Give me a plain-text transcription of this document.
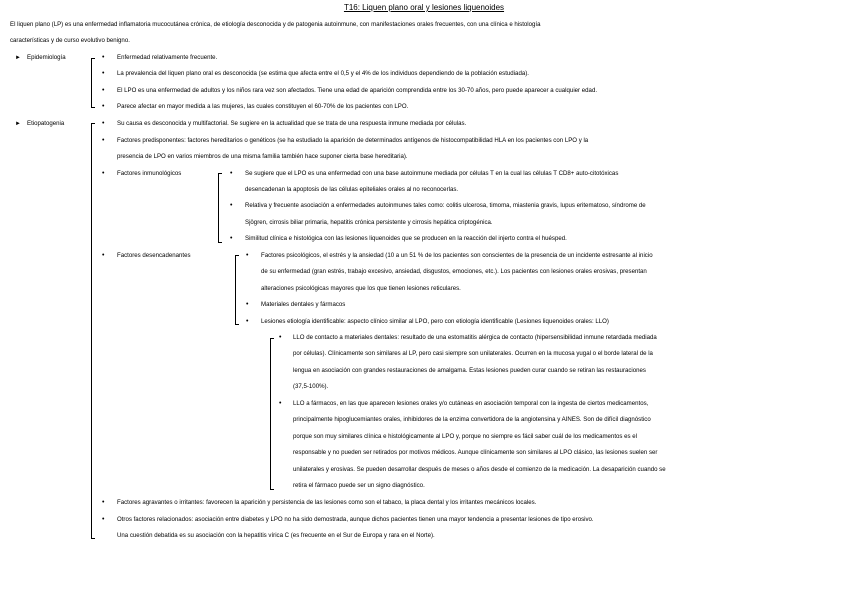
T16: Liquen plano oral y lesiones liquenoides
El liquen plano (LP) es una enfermedad inflamatoria mucocutánea crónica, de etiología desconocida y de patogenia autoinmune, con manifestaciones orales frecuentes, con una clínica e histología
características y de curso evolutivo benigno.
► Epidemiología	• Enfermedad relativamente frecuente.
• La prevalencia del liquen plano oral es desconocida (se estima que afecta entre el 0,5 y el 4% de los individuos dependiendo de la población estudiada).
• El LPO es una enfermedad de adultos y los niños rara vez son afectados. Tiene una edad de aparición comprendida entre los 30-70 años, pero puede aparecer a cualquier edad.
• Parece afectar en mayor medida a las mujeres, las cuales constituyen el 60-70% de los pacientes con LPO.
► Etiopatogenia	• Su causa es desconocida y multifactorial. Se sugiere en la actualidad que se trata de una respuesta inmune mediada por células.
• Factores predisponentes: factores hereditarios o genéticos (se ha estudiado la aparición de determinados antígenos de histocompatibilidad HLA en los pacientes con LPO y la
presencia de LPO en varios miembros de una misma familia también hace suponer cierta base hereditaria).
• Factores inmunológicos	• Se sugiere que el LPO es una enfermedad con una base autoinmune mediada por células T en la cual las células T CD8+ auto-citotóxicas
desencadenan la apoptosis de las células epiteliales orales al no reconocerlas.
• Relativa y frecuente asociación a enfermedades autoinmunes tales como: colitis ulcerosa, timoma, miastenia gravis, lupus eritematoso, síndrome de
Sjögren, cirrosis biliar primaria, hepatitis crónica persistente y cirrosis hepática criptogénica.
• Similitud clínica e histológica con las lesiones liquenoides que se producen en la reacción del injerto contra el huésped.
• Factores desencadenantes	• Factores psicológicos, el estrés y la ansiedad (10 a un 51 % de los pacientes son conscientes de la presencia de un incidente estresante al inicio
de su enfermedad (gran estrés, trabajo excesivo, ansiedad, disgustos, emociones, etc.). Los pacientes con lesiones orales erosivas, presentan
alteraciones psicológicas mayores que los que tienen lesiones reticulares.
• Materiales dentales y fármacos
• Lesiones etiología identificable: aspecto clínico similar al LPO, pero con etiología identificable (Lesiones liquenoides orales: LLO)
• LLO de contacto a materiales dentales: resultado de una estomatitis alérgica de contacto (hipersensibilidad inmune retardada mediada
por células). Clínicamente son similares al LP, pero casi siempre son unilaterales. Ocurren en la mucosa yugal o el borde lateral de la
lengua en asociación con grandes restauraciones de amalgama. Estas lesiones pueden curar cuando se retiran las restauraciones
(37,5-100%).
• LLO a fármacos, en las que aparecen lesiones orales y/o cutáneas en asociación temporal con la ingesta de ciertos medicamentos,
principalmente hipoglucemiantes orales, inhibidores de la enzima convertidora de la angiotensina y AINES. Son de difícil diagnóstico
porque son muy similares clínica e histológicamente al LPO y, porque no siempre es fácil saber cuál de los medicamentos es el
responsable y no pueden ser retirados por motivos médicos. Aunque clínicamente son similares al LPO clásico, las lesiones suelen ser
unilaterales y erosivas. Se pueden desarrollar después de meses o años desde el comienzo de la medicación. La desaparición cuando se
retira el fármaco puede ser un signo diagnóstico.
• Factores agravantes o irritantes: favorecen la aparición y persistencia de las lesiones como son el tabaco, la placa dental y los irritantes mecánicos locales.
• Otros factores relacionados: asociación entre diabetes y LPO no ha sido demostrada, aunque dichos pacientes tienen una mayor tendencia a presentar lesiones de tipo erosivo.
Una cuestión debatida es su asociación con la hepatitis vírica C (es frecuente en el Sur de Europa y rara en el Norte).
